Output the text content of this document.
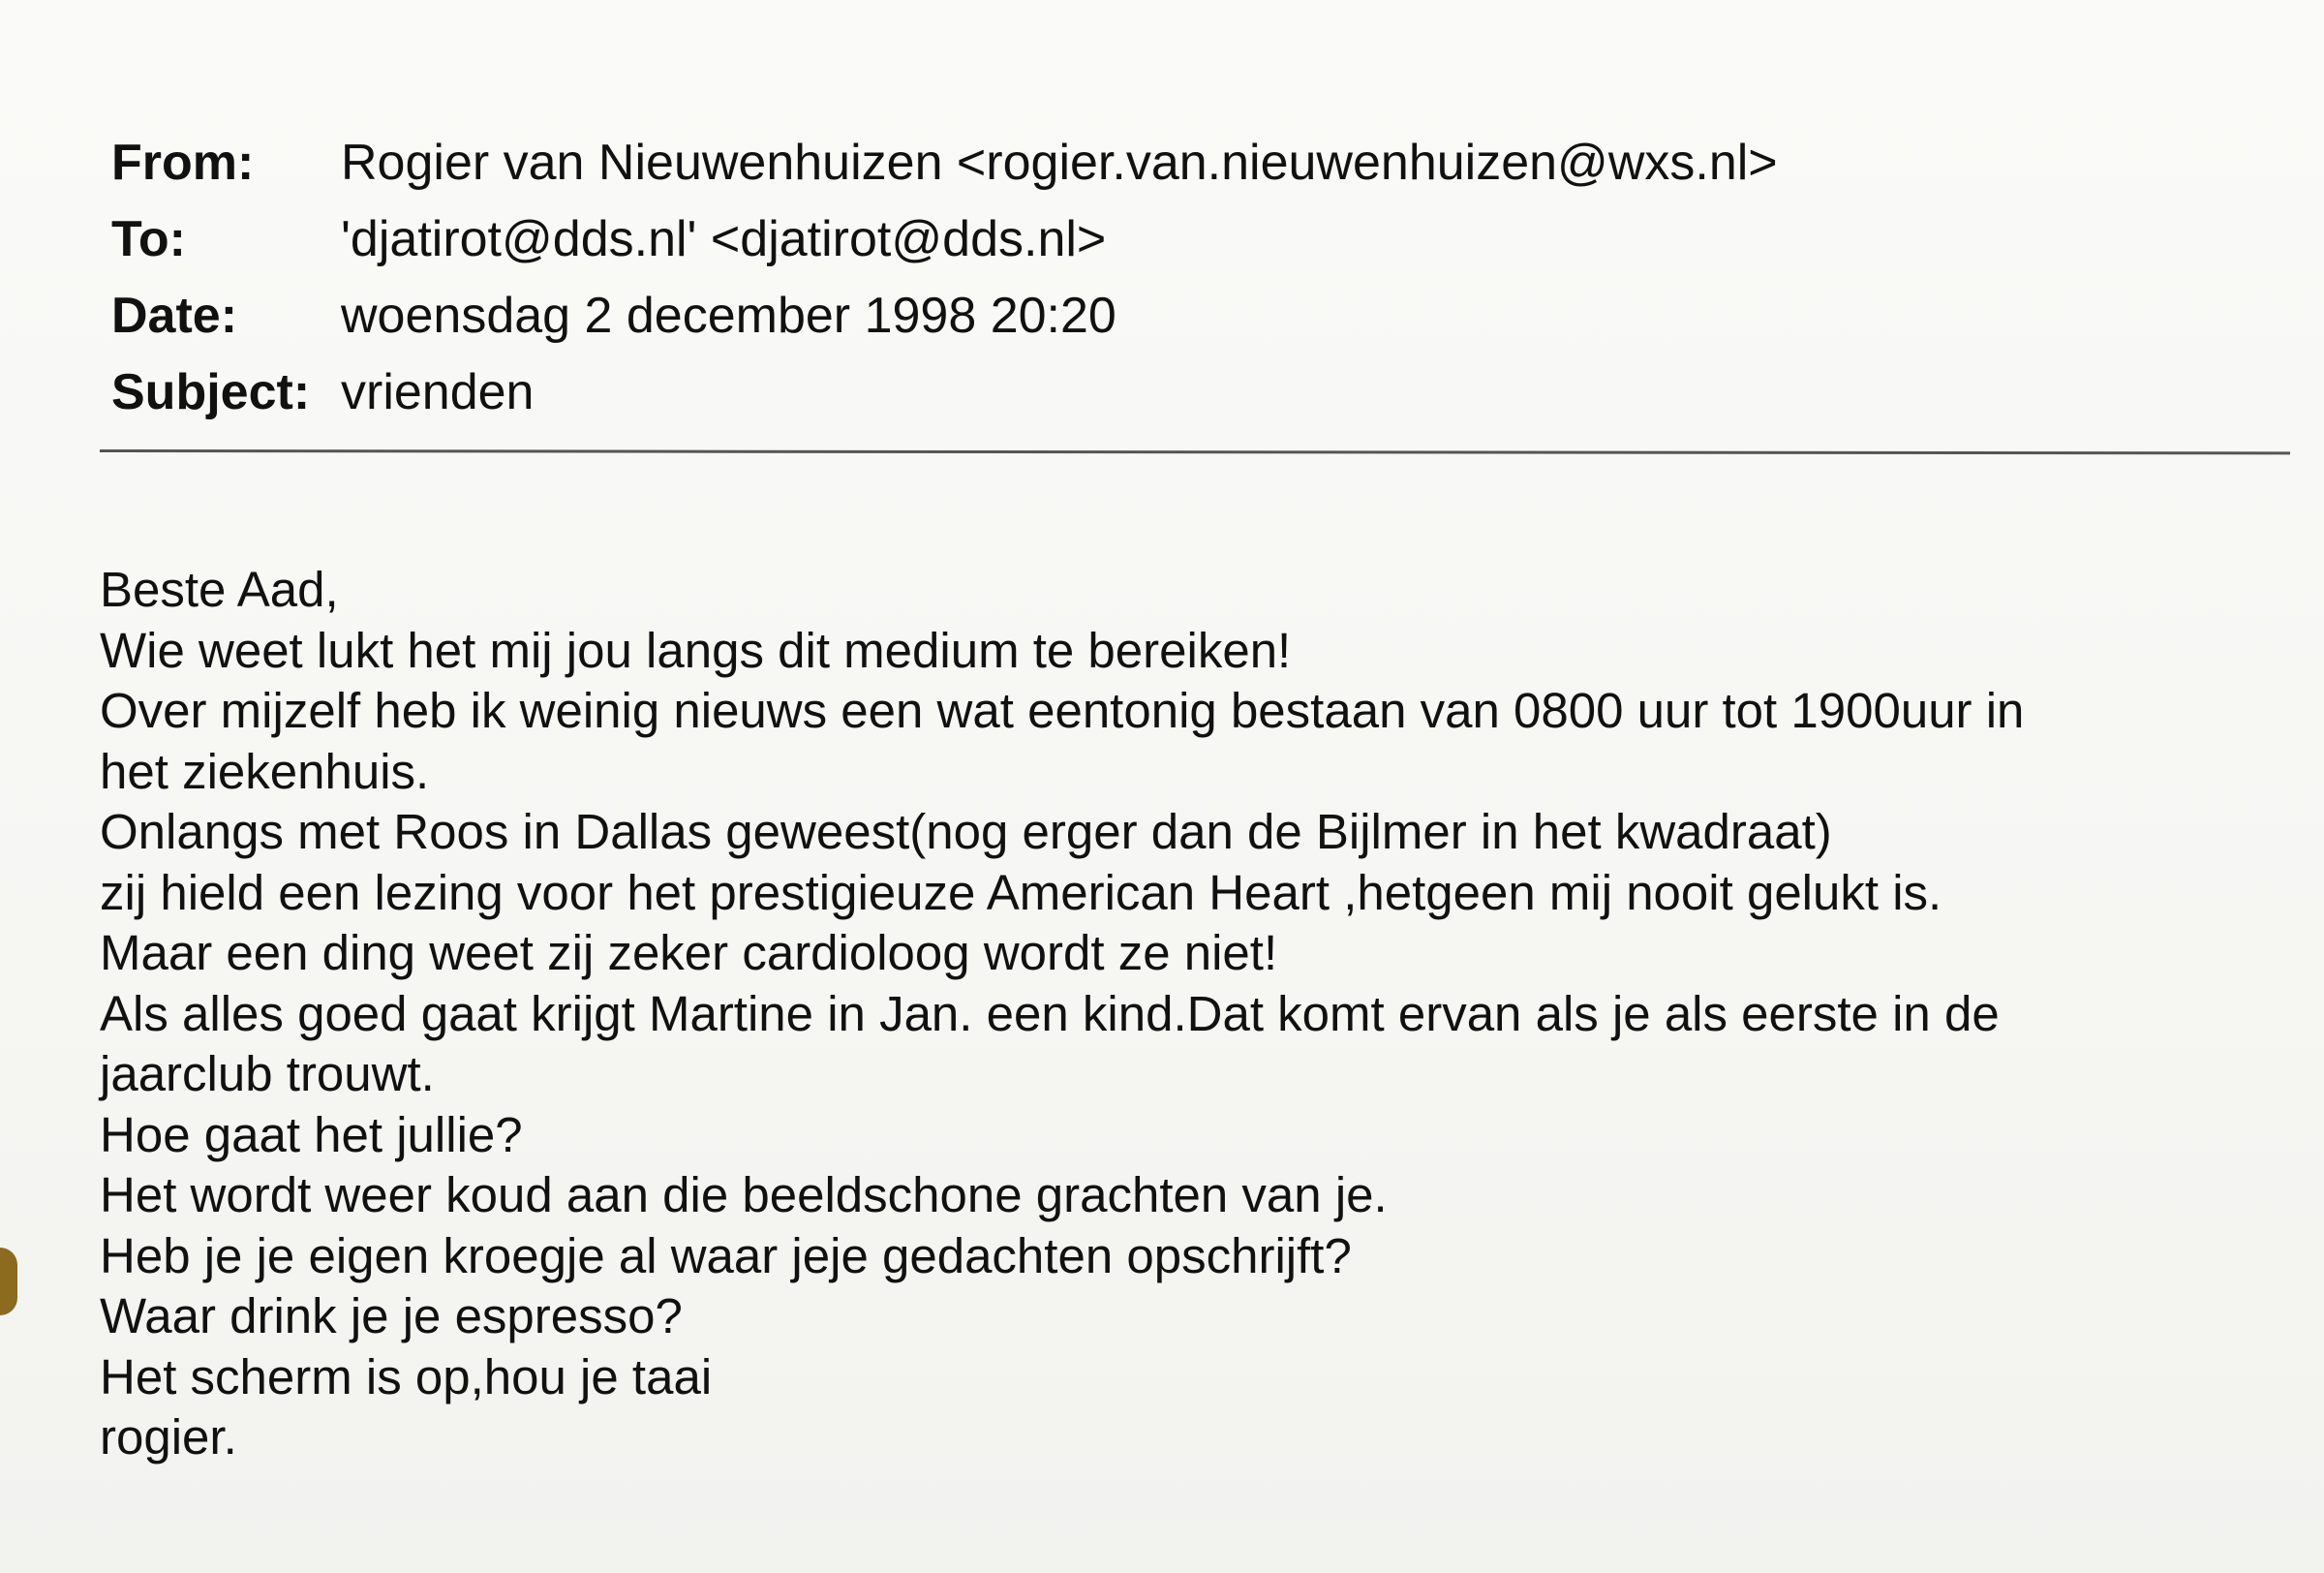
From:	Rogier van Nieuwenhuizen <rogier.van.nieuwenhuizen@wxs.nl>
To:	'djatirot@dds.nl' <djatirot@dds.nl>
Date:	woensdag 2 december 1998 20:20
Subject: vrienden
Beste Aad,
Wie weet lukt het mij jou langs dit medium te bereiken!
Over mijzelf heb ik weinig nieuws een wat eentonig bestaan van 0800 uur tot 1900uur in
het ziekenhuis.
Onlangs met Roos in Dallas geweest(nog erger dan de Bijlmer in het kwadraat)
zij hield een lezing voor het prestigieuze American Heart ,hetgeen mij nooit gelukt is.
Maar een ding weet zij zeker cardioloog wordt ze niet!
Als alles goed gaat krijgt Martine in Jan. een kind.Dat komt ervan als je als eerste in de
jaarclub trouwt.
Hoe gaat het jullie?
Het wordt weer koud aan die beeldschone grachten van je.
Heb je je eigen kroegje al waar jeje gedachten opschrijft?
Waar drink je je espresso?
Het scherm is op,hou je taai
rogier.
